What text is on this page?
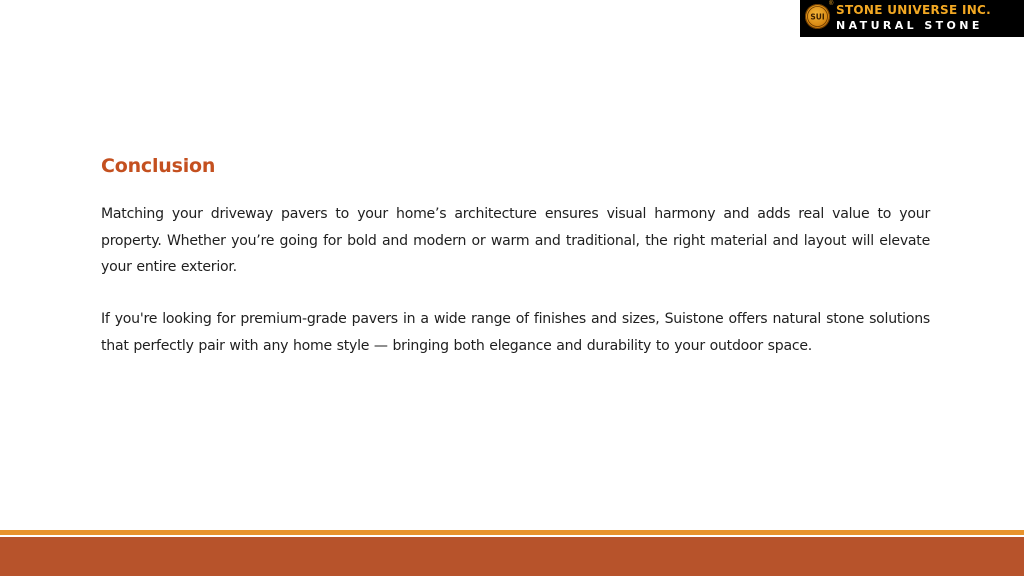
SUI
® STONE UNIVERSE INC.
NATURAL STONE
Conclusion

Matching your driveway pavers to your home’s architecture ensures visual harmony and adds real value to your property. Whether you’re going for bold and modern or warm and traditional, the right material and layout will elevate your entire exterior.

If you're looking for premium-grade pavers in a wide range of finishes and sizes, Suistone offers natural stone solutions that perfectly pair with any home style — bringing both elegance and durability to your outdoor space.
